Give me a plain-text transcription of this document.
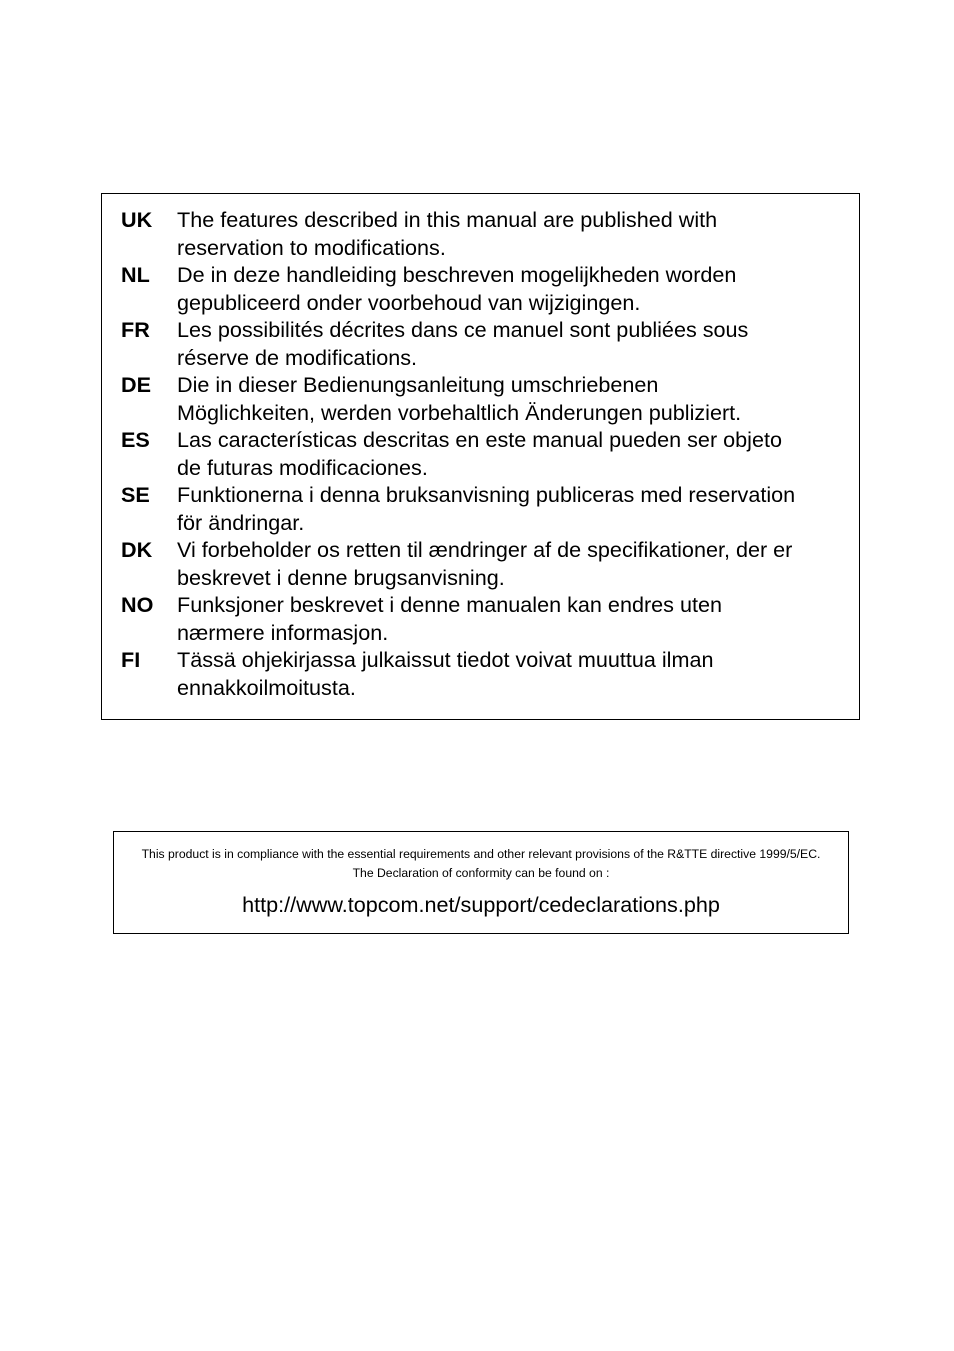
UK	The features described in this manual are published with
reservation to modifications.
NL	De in deze handleiding beschreven mogelijkheden worden
gepubliceerd onder voorbehoud van wijzigingen.
FR	Les possibilités décrites dans ce manuel sont publiées sous
réserve de modifications.
DE	Die in dieser Bedienungsanleitung umschriebenen
Möglichkeiten, werden vorbehaltlich Änderungen publiziert.
ES	Las características descritas en este manual pueden ser objeto
de futuras modificaciones.
SE	Funktionerna i denna bruksanvisning publiceras med reservation
för ändringar.
DK	Vi forbeholder os retten til ændringer af de specifikationer, der er
beskrevet i denne brugsanvisning.
NO	Funksjoner beskrevet i denne manualen kan endres uten
nærmere informasjon.
FI	Tässä ohjekirjassa julkaissut tiedot voivat muuttua ilman
ennakkoilmoitusta.
This product is in compliance with the essential requirements and other relevant provisions of the R&TTE directive 1999/5/EC.
The Declaration of conformity can be found on :
http://www.topcom.net/support/cedeclarations.php
